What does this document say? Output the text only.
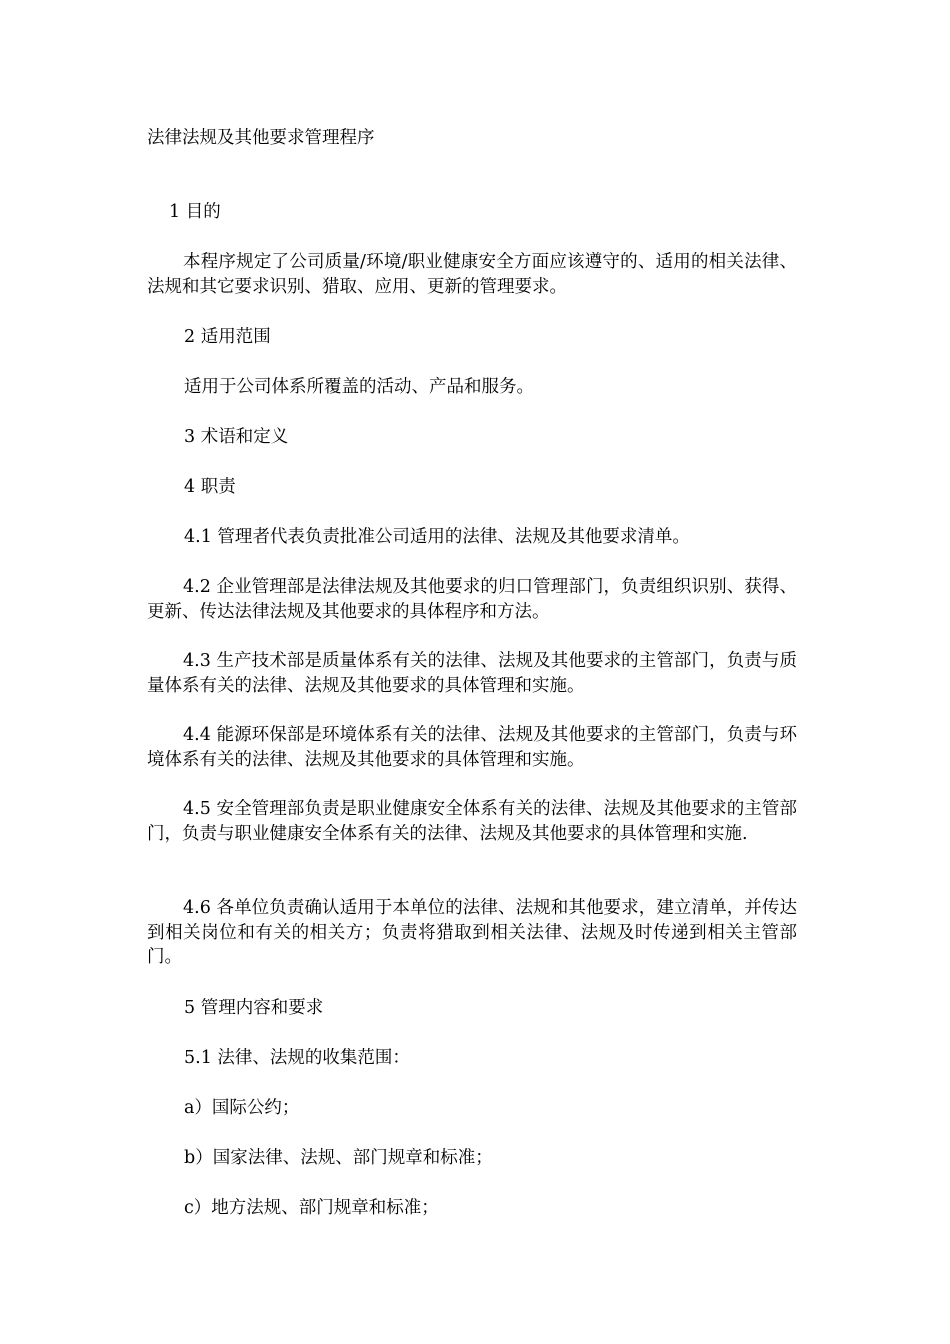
法律法规及其他要求管理程序
1 目的
本程序规定了公司质量/环境/职业健康安全方面应该遵守的、适用的相关法律、法规和其它要求识别、猎取、应用、更新的管理要求。
2 适用范围
适用于公司体系所覆盖的活动、产品和服务。
3 术语和定义
4 职责
4.1 管理者代表负责批准公司适用的法律、法规及其他要求清单。
4.2 企业管理部是法律法规及其他要求的归口管理部门，负责组织识别、获得、更新、传达法律法规及其他要求的具体程序和方法。
4.3 生产技术部是质量体系有关的法律、法规及其他要求的主管部门，负责与质量体系有关的法律、法规及其他要求的具体管理和实施。
4.4 能源环保部是环境体系有关的法律、法规及其他要求的主管部门，负责与环境体系有关的法律、法规及其他要求的具体管理和实施。
4.5 安全管理部负责是职业健康安全体系有关的法律、法规及其他要求的主管部门，负责与职业健康安全体系有关的法律、法规及其他要求的具体管理和实施.
4.6 各单位负责确认适用于本单位的法律、法规和其他要求，建立清单，并传达到相关岗位和有关的相关方；负责将猎取到相关法律、法规及时传递到相关主管部门。
5 管理内容和要求
5.1 法律、法规的收集范围：
a）国际公约；
b）国家法律、法规、部门规章和标准；
c）地方法规、部门规章和标准；
